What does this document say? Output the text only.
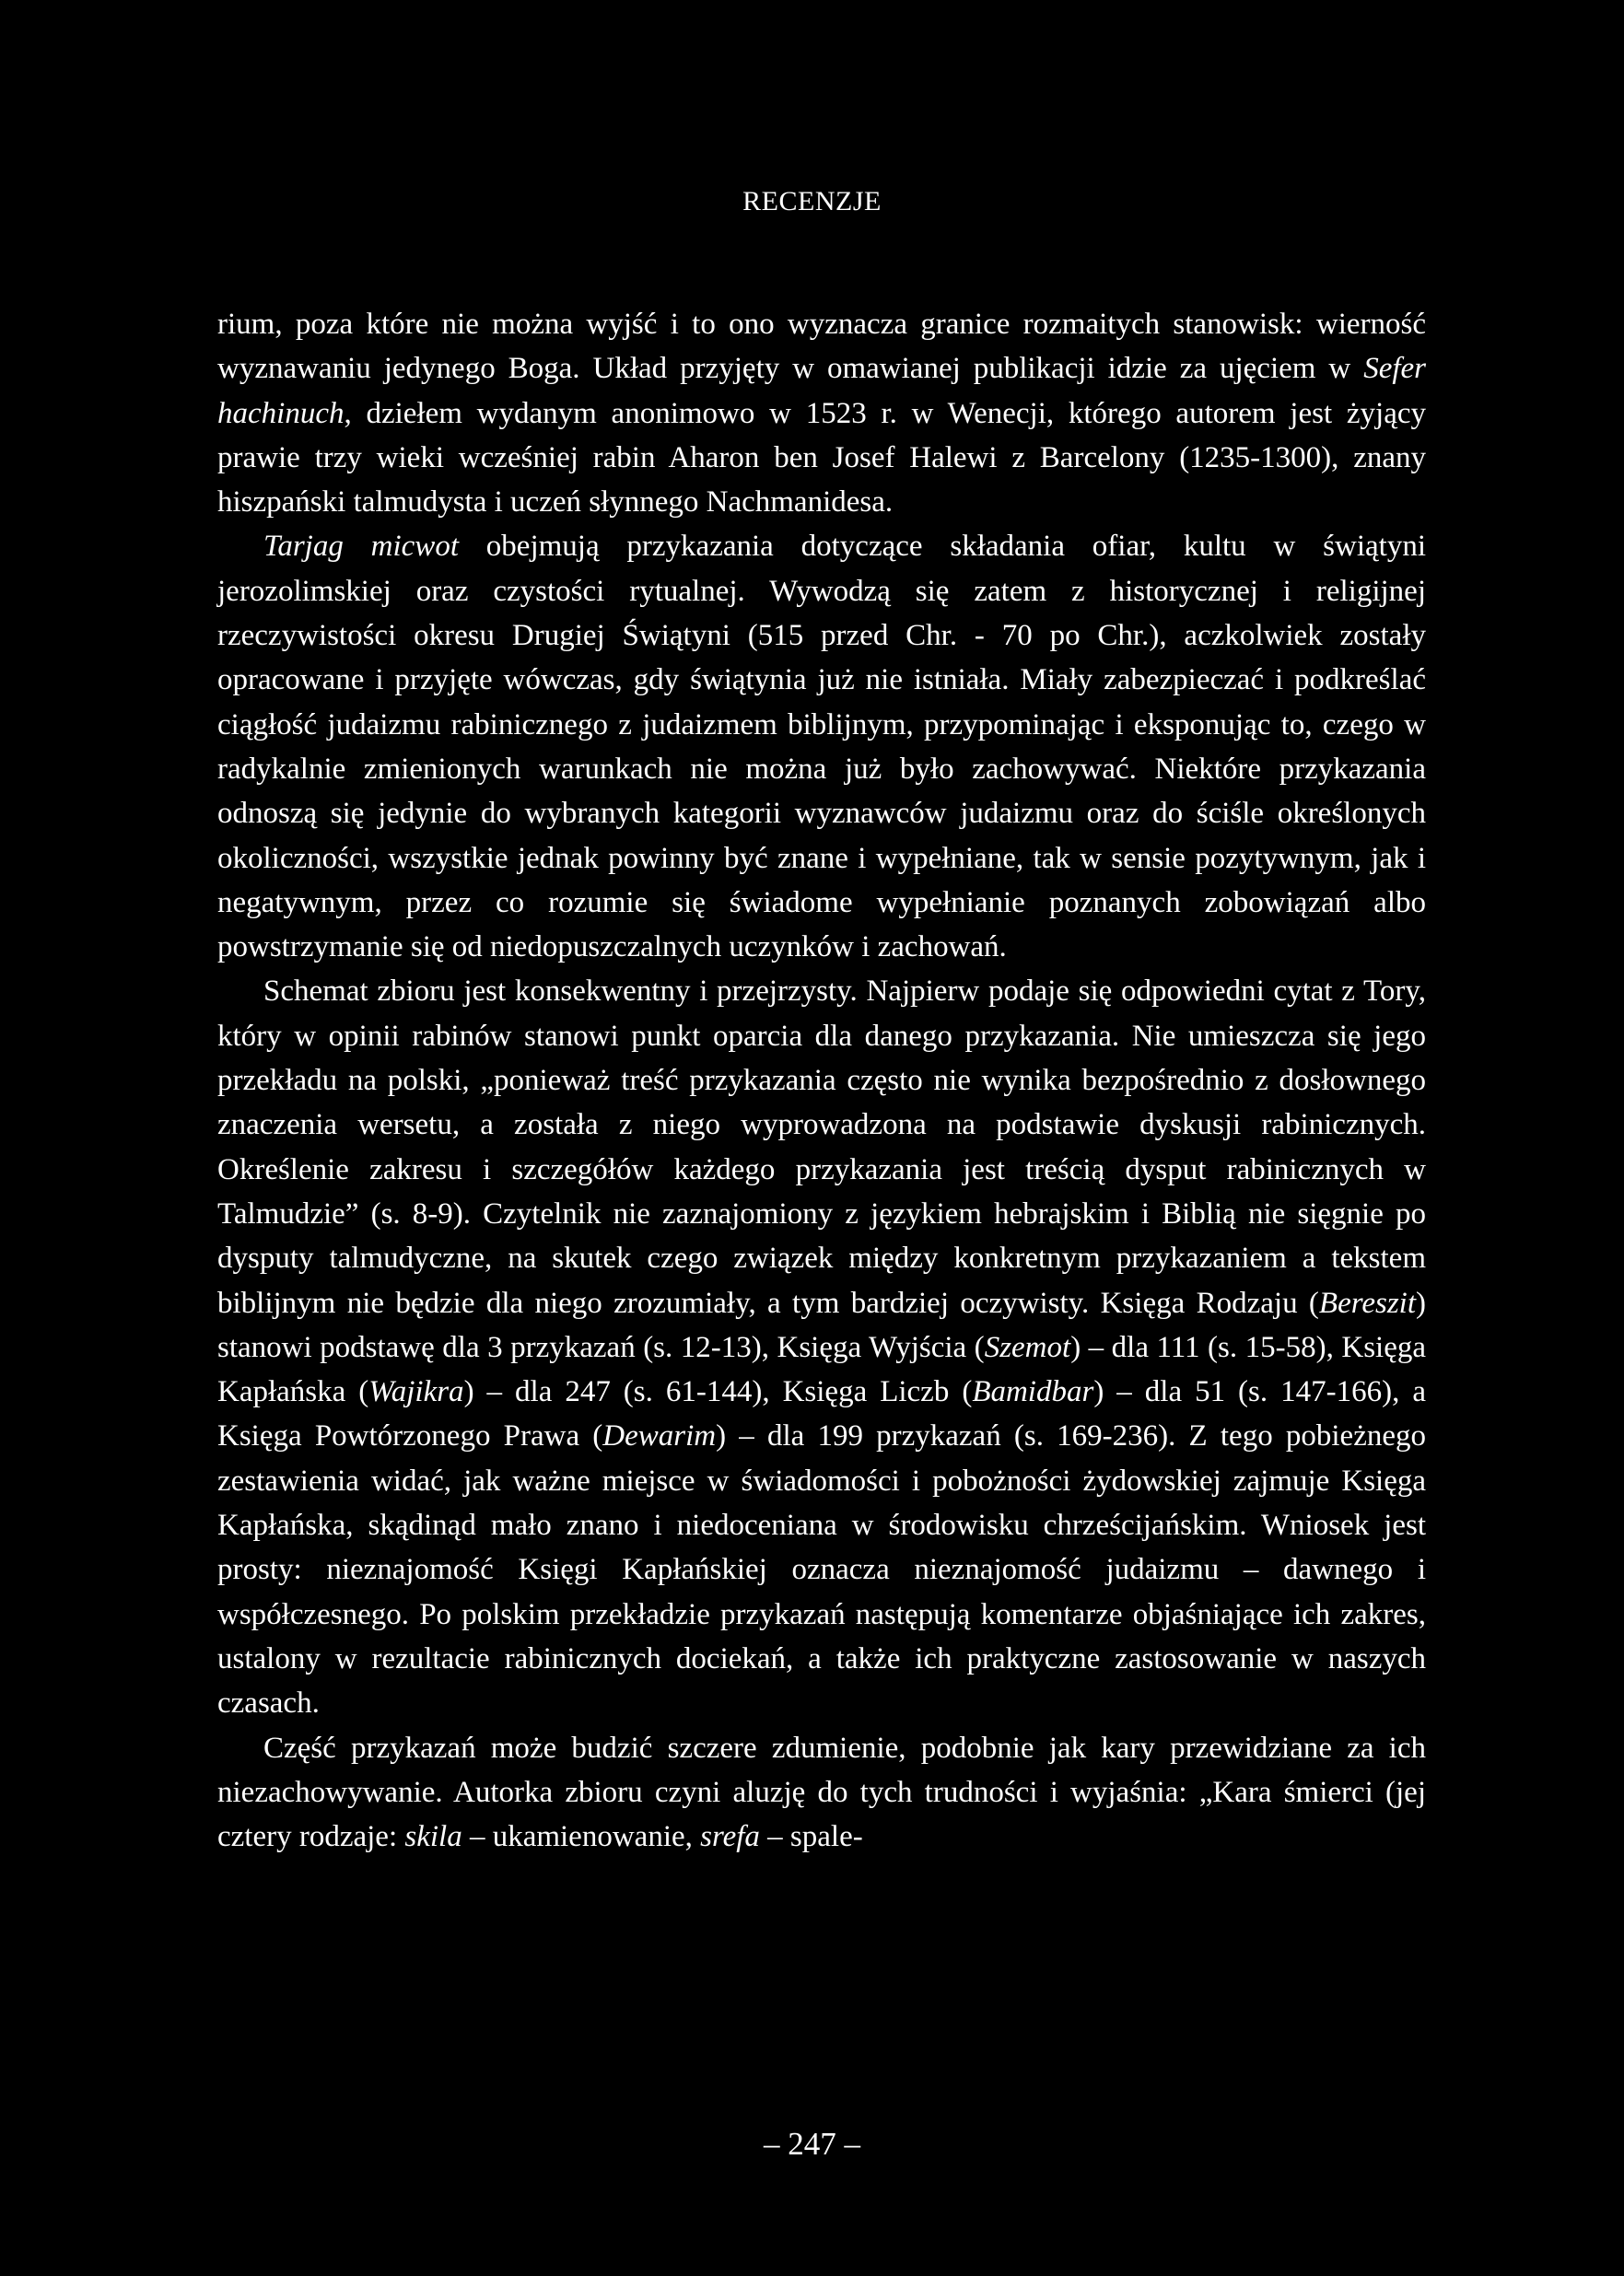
RECENZJE

rium, poza które nie można wyjść i to ono wyznacza granice rozmaitych stanowisk: wierność wyznawaniu jedynego Boga. Układ przyjęty w omawianej publikacji idzie za ujęciem w Sefer hachinuch, dziełem wydanym anonimowo w 1523 r. w Wenecji, którego autorem jest żyjący prawie trzy wieki wcześniej rabin Aharon ben Josef Halewi z Barcelony (1235-1300), znany hiszpański talmudysta i uczeń słynnego Nachmanidesa.

Tarjag micwot obejmują przykazania dotyczące składania ofiar, kultu w świątyni jerozolimskiej oraz czystości rytualnej. Wywodzą się zatem z historycznej i religijnej rzeczywistości okresu Drugiej Świątyni (515 przed Chr. - 70 po Chr.), aczkolwiek zostały opracowane i przyjęte wówczas, gdy świątynia już nie istniała. Miały zabezpieczać i podkreślać ciągłość judaizmu rabinicznego z judaizmem biblijnym, przypominając i eksponując to, czego w radykalnie zmienionych warunkach nie można już było zachowywać. Niektóre przykazania odnoszą się jedynie do wybranych kategorii wyznawców judaizmu oraz do ściśle określonych okoliczności, wszystkie jednak powinny być znane i wypełniane, tak w sensie pozytywnym, jak i negatywnym, przez co rozumie się świadome wypełnianie poznanych zobowiązań albo powstrzymanie się od niedopuszczalnych uczynków i zachowań.

Schemat zbioru jest konsekwentny i przejrzysty. Najpierw podaje się odpowiedni cytat z Tory, który w opinii rabinów stanowi punkt oparcia dla danego przykazania. Nie umieszcza się jego przekładu na polski, „ponieważ treść przykazania często nie wynika bezpośrednio z dosłownego znaczenia wersetu, a została z niego wyprowadzona na podstawie dyskusji rabinicznych. Określenie zakresu i szczegółów każdego przykazania jest treścią dysput rabinicznych w Talmudzie” (s. 8-9). Czytelnik nie zaznajomiony z językiem hebrajskim i Biblią nie sięgnie po dysputy talmudyczne, na skutek czego związek między konkretnym przykazaniem a tekstem biblijnym nie będzie dla niego zrozumiały, a tym bardziej oczywisty. Księga Rodzaju (Bereszit) stanowi podstawę dla 3 przykazań (s. 12-13), Księga Wyjścia (Szemot) – dla 111 (s. 15-58), Księga Kapłańska (Wajikra) – dla 247 (s. 61-144), Księga Liczb (Bamidbar) – dla 51 (s. 147-166), a Księga Powtórzonego Prawa (Dewarim) – dla 199 przykazań (s. 169-236). Z tego pobieżnego zestawienia widać, jak ważne miejsce w świadomości i pobożności żydowskiej zajmuje Księga Kapłańska, skądinąd mało znano i niedoceniana w środowisku chrześcijańskim. Wniosek jest prosty: nieznajomość Księgi Kapłańskiej oznacza nieznajomość judaizmu – dawnego i współczesnego. Po polskim przekładzie przykazań następują komentarze objaśniające ich zakres, ustalony w rezultacie rabinicznych dociekań, a także ich praktyczne zastosowanie w naszych czasach.

Część przykazań może budzić szczere zdumienie, podobnie jak kary przewidziane za ich niezachowywanie. Autorka zbioru czyni aluzję do tych trudności i wyjaśnia: „Kara śmierci (jej cztery rodzaje: skila – ukamienowanie, srefa – spale-

– 247 –
